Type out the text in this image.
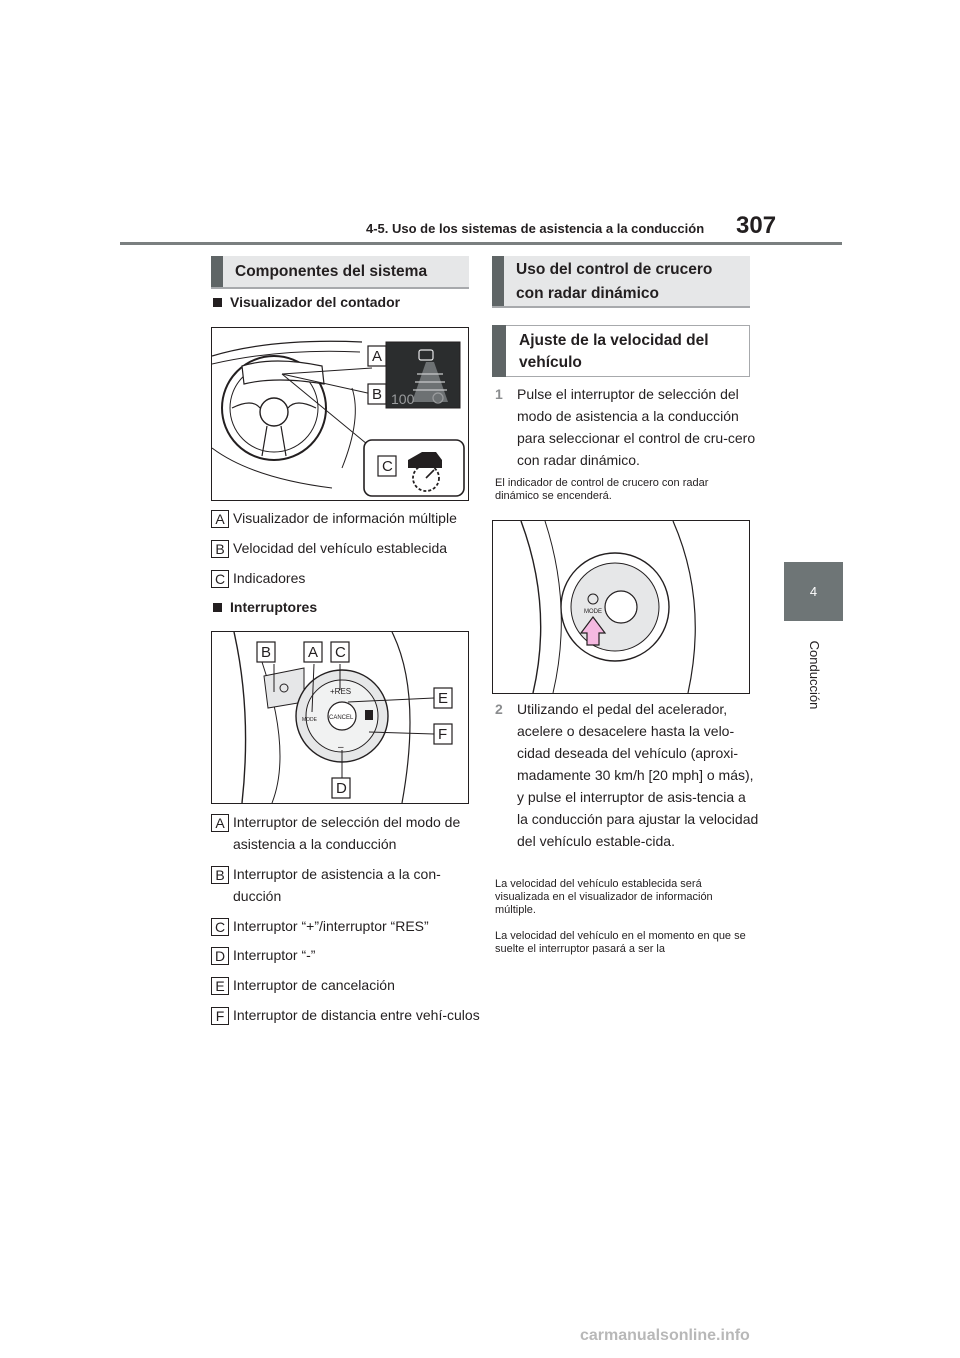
4-5. Uso de los sistemas de asistencia a la conducción 307
4
Conducción
Componentes del sistema
Visualizador del contador
100
A
B
C
A Visualizador de información múltiple
B Velocidad del vehículo establecida
C Indicadores
Interruptores
CANCEL
+RES
–
MODE
B A C
E
F
D
A Interruptor de selección del modo de asistencia a la conducción
B Interruptor de asistencia a la con-ducción
C Interruptor “+”/interruptor “RES”
D Interruptor “-”
E Interruptor de cancelación
F Interruptor de distancia entre vehí-culos
Uso del control de crucero con radar dinámico
Ajuste de la velocidad del vehículo
1 Pulse el interruptor de selección del modo de asistencia a la conducción para seleccionar el control de cru-cero con radar dinámico.
El indicador de control de crucero con radar dinámico se encenderá.
MODE
2 Utilizando el pedal del acelerador, acelere o desacelere hasta la velo-cidad deseada del vehículo (aproxi-madamente 30 km/h [20 mph] o más), y pulse el interruptor de asis-tencia a la conducción para ajustar la velocidad del vehículo estable-cida.
La velocidad del vehículo establecida será visualizada en el visualizador de información múltiple.
La velocidad del vehículo en el momento en que se suelte el interruptor pasará a ser la
carmanualsonline.info
